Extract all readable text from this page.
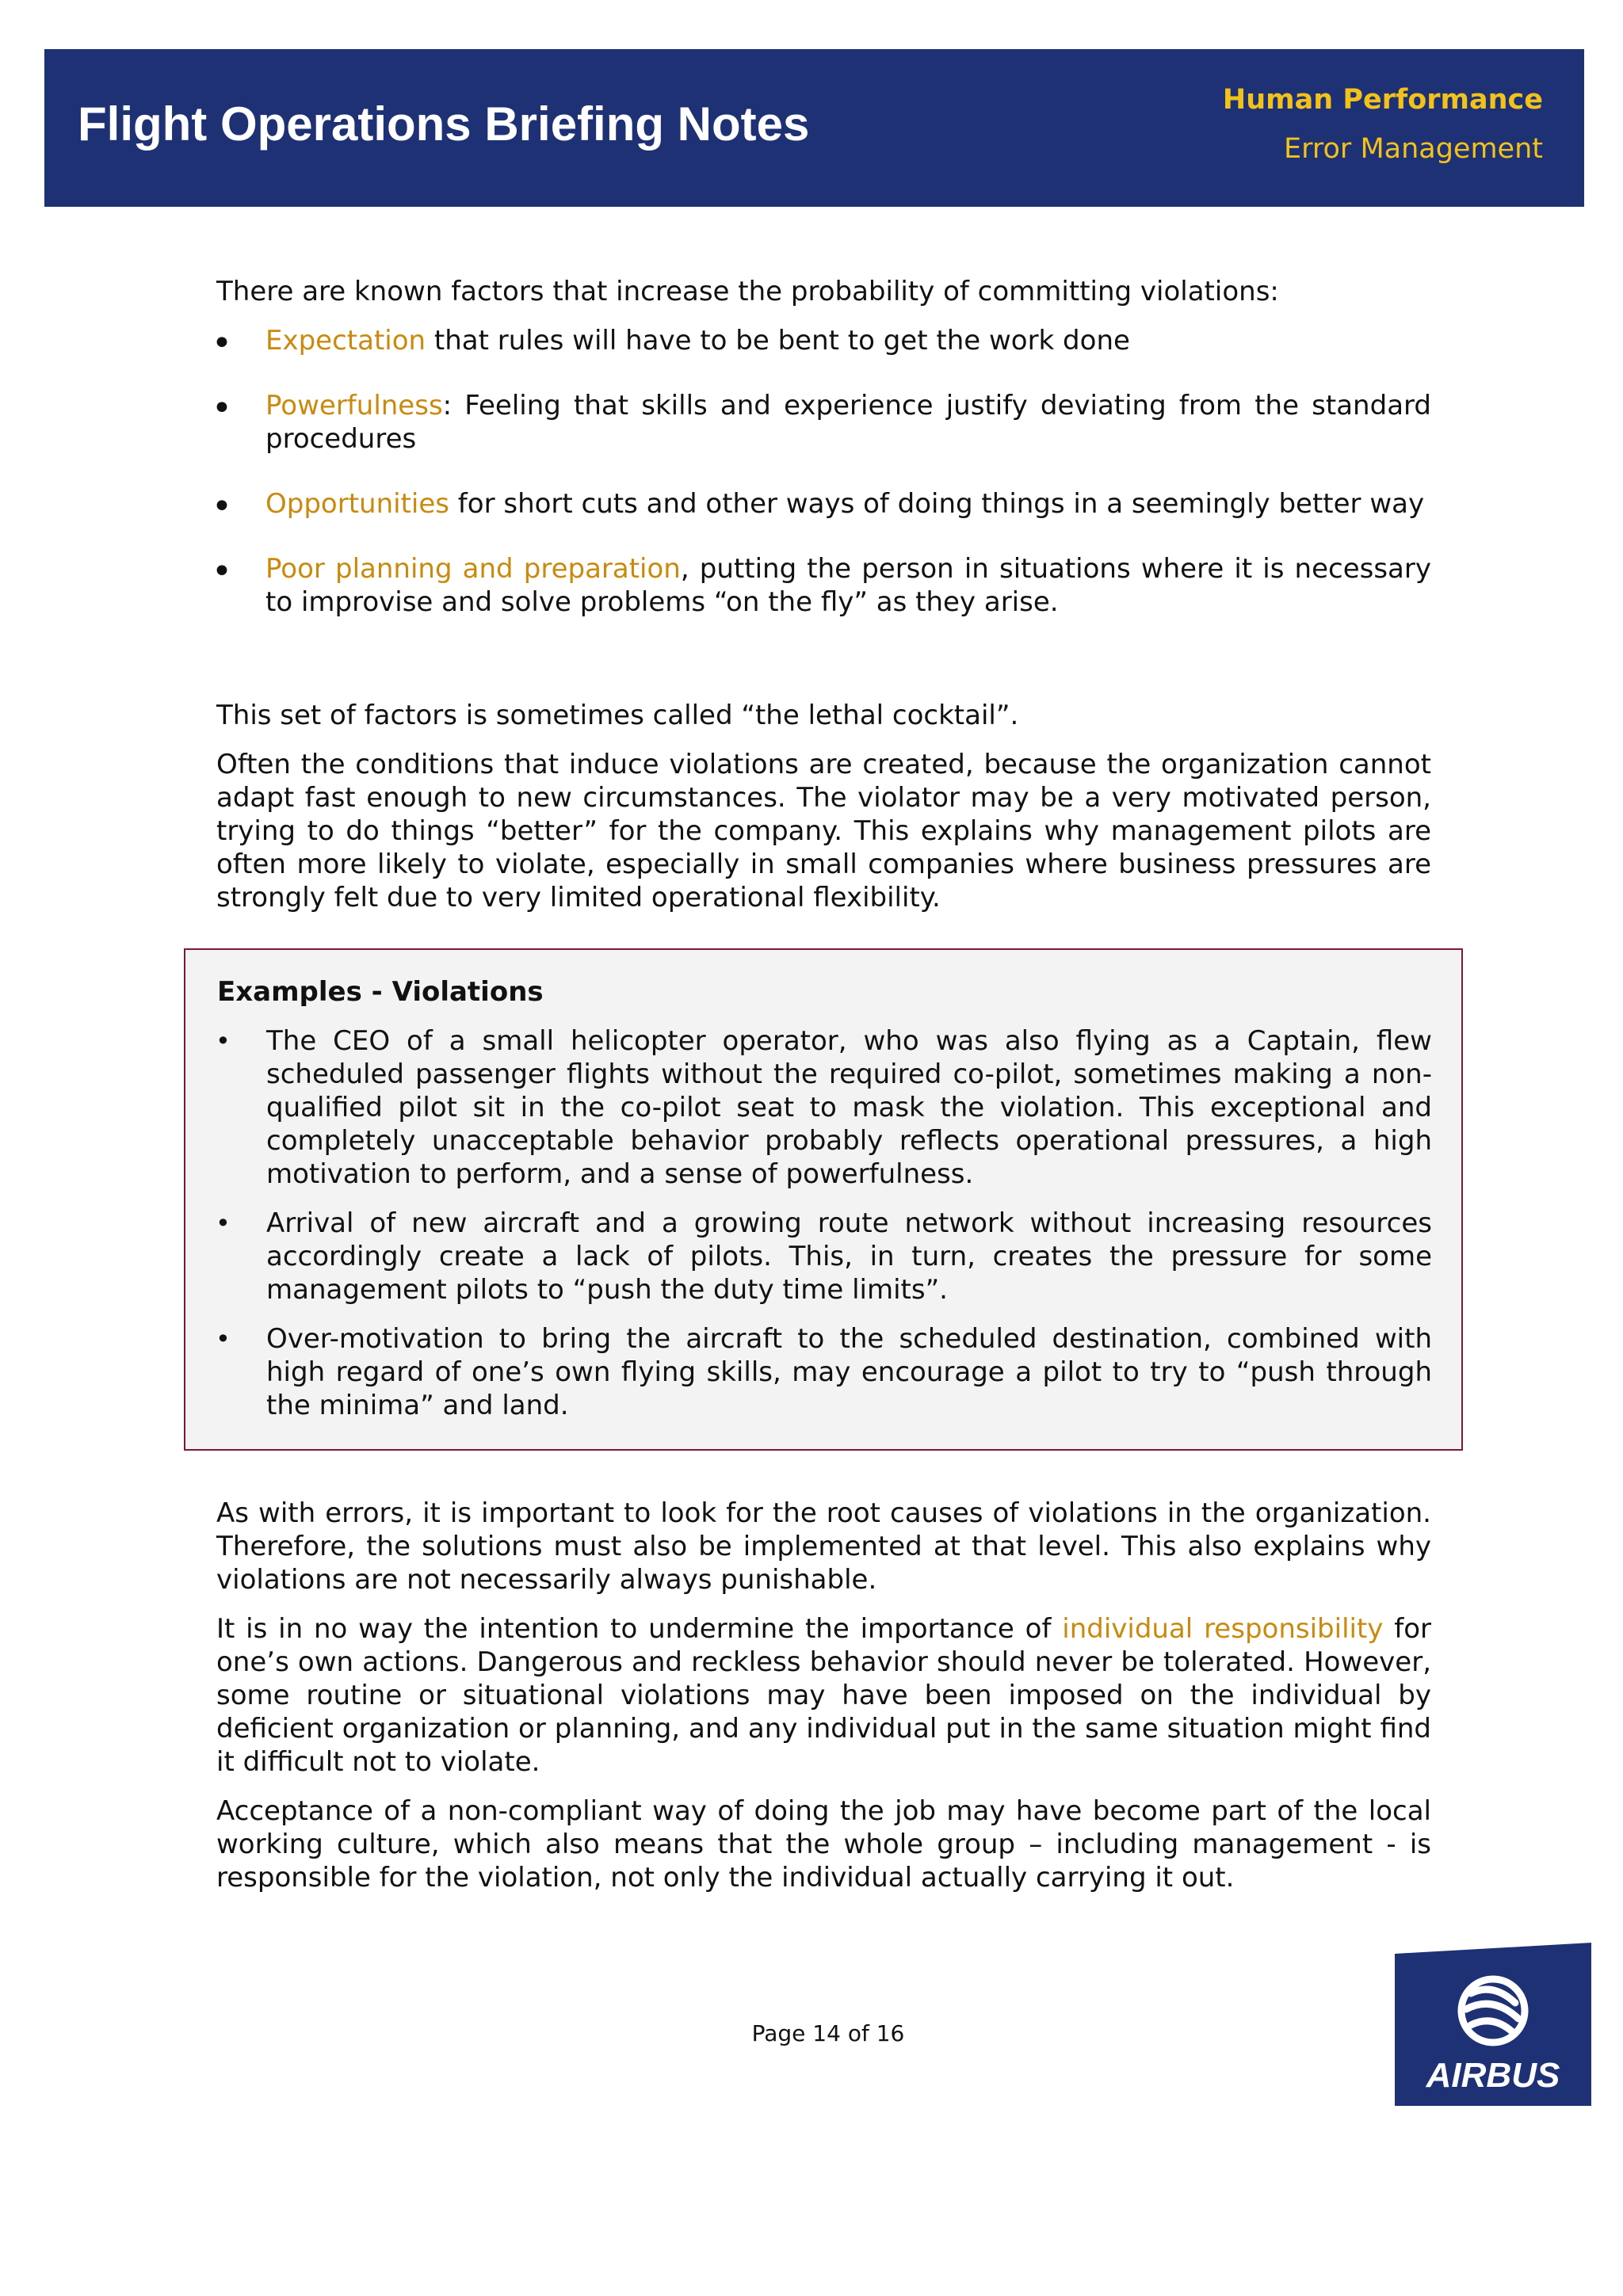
Flight Operations Briefing Notes	Human Performance
Error Management

There are known factors that increase the probability of committing violations:

• Expectation that rules will have to be bent to get the work done
• Powerfulness: Feeling that skills and experience justify deviating from the standard procedures
• Opportunities for short cuts and other ways of doing things in a seemingly better way
• Poor planning and preparation, putting the person in situations where it is necessary to improvise and solve problems “on the fly” as they arise.

This set of factors is sometimes called “the lethal cocktail”.

Often the conditions that induce violations are created, because the organization cannot adapt fast enough to new circumstances. The violator may be a very motivated person, trying to do things “better” for the company. This explains why management pilots are often more likely to violate, especially in small companies where business pressures are strongly felt due to very limited operational flexibility.

Examples - Violations
• The CEO of a small helicopter operator, who was also flying as a Captain, flew scheduled passenger flights without the required co-pilot, sometimes making a non-qualified pilot sit in the co-pilot seat to mask the violation. This exceptional and completely unacceptable behavior probably reflects operational pressures, a high motivation to perform, and a sense of powerfulness.
• Arrival of new aircraft and a growing route network without increasing resources accordingly create a lack of pilots. This, in turn, creates the pressure for some management pilots to “push the duty time limits”.
• Over-motivation to bring the aircraft to the scheduled destination, combined with high regard of one’s own flying skills, may encourage a pilot to try to “push through the minima” and land.

As with errors, it is important to look for the root causes of violations in the organization. Therefore, the solutions must also be implemented at that level. This also explains why violations are not necessarily always punishable.

It is in no way the intention to undermine the importance of individual responsibility for one’s own actions. Dangerous and reckless behavior should never be tolerated. However, some routine or situational violations may have been imposed on the individual by deficient organization or planning, and any individual put in the same situation might find it difficult not to violate.

Acceptance of a non-compliant way of doing the job may have become part of the local working culture, which also means that the whole group – including management - is responsible for the violation, not only the individual actually carrying it out.

Page 14 of 16
AIRBUS
